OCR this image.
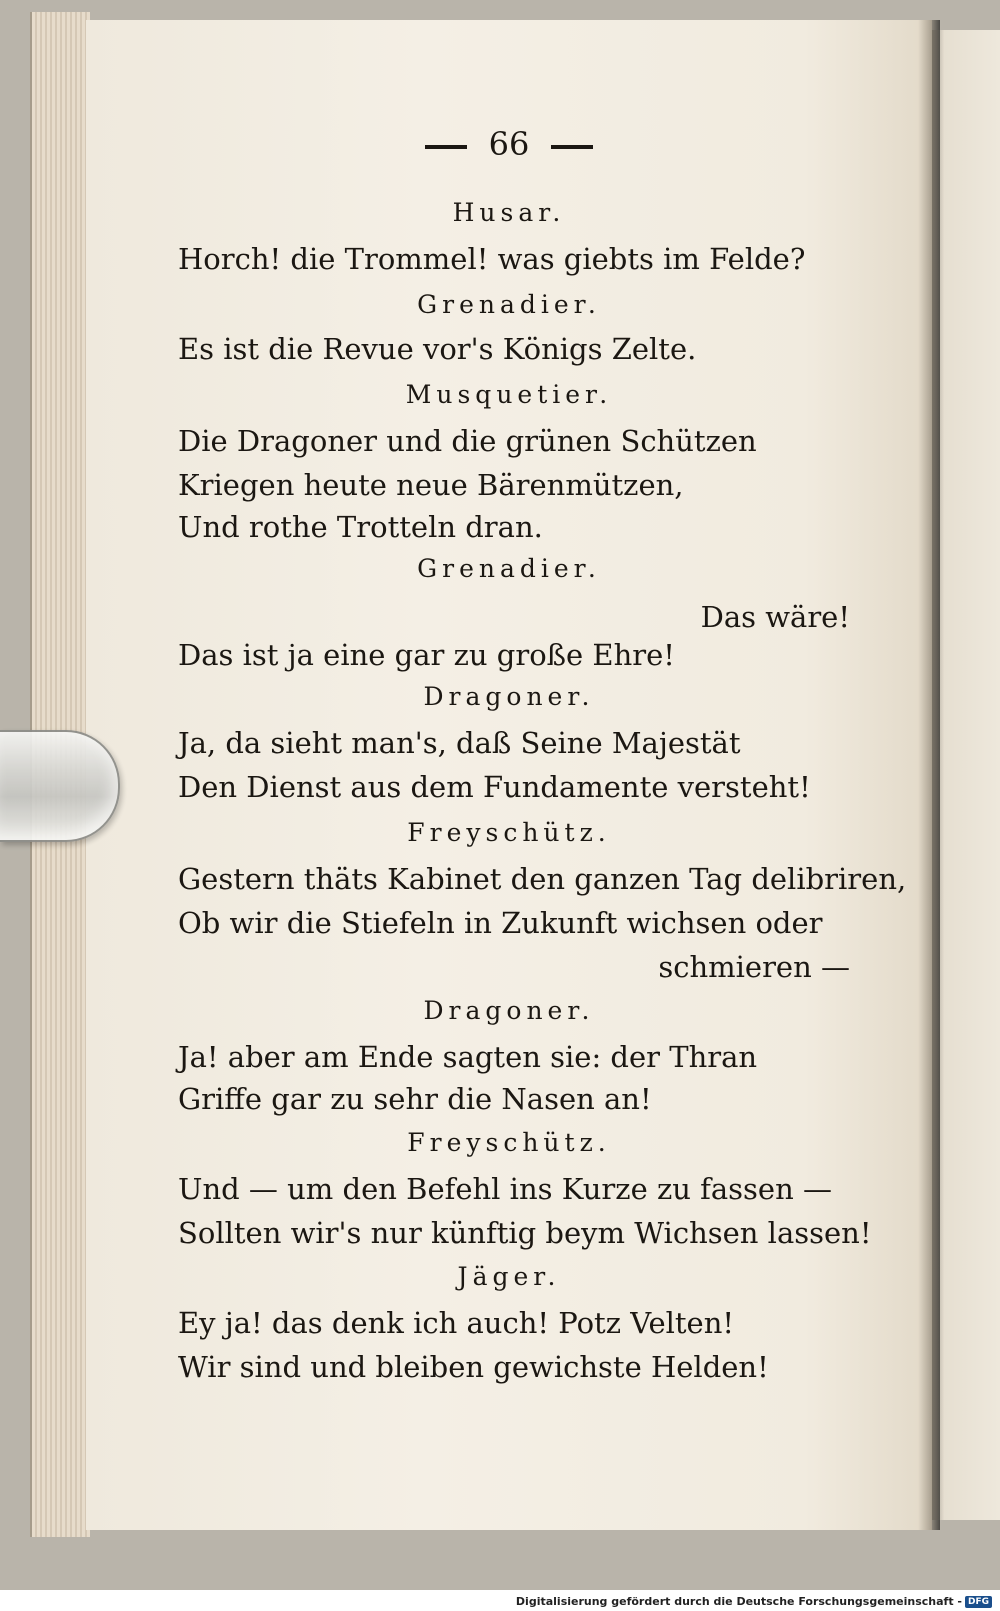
66
Husar.
Horch! die Trommel! was giebts im Felde?
Grenadier.
Es ist die Revue vor's Königs Zelte.
Musquetier.
Die Dragoner und die grünen Schützen
Kriegen heute neue Bärenmützen,
Und rothe Trotteln dran.
Grenadier.
Das wäre!
Das ist ja eine gar zu große Ehre!
Dragoner.
Ja, da sieht man's, daß Seine Majestät
Den Dienst aus dem Fundamente versteht!
Freyschütz.
Gestern thäts Kabinet den ganzen Tag delibriren,
Ob wir die Stiefeln in Zukunft wichsen oder
schmieren —
Dragoner.
Ja! aber am Ende sagten sie: der Thran
Griffe gar zu sehr die Nasen an!
Freyschütz.
Und — um den Befehl ins Kurze zu fassen —
Sollten wir's nur künftig beym Wichsen lassen!
Jäger.
Ey ja! das denk ich auch! Potz Velten!
Wir sind und bleiben gewichste Helden!
Digitalisierung gefördert durch die Deutsche Forschungsgemeinschaft - DFG
